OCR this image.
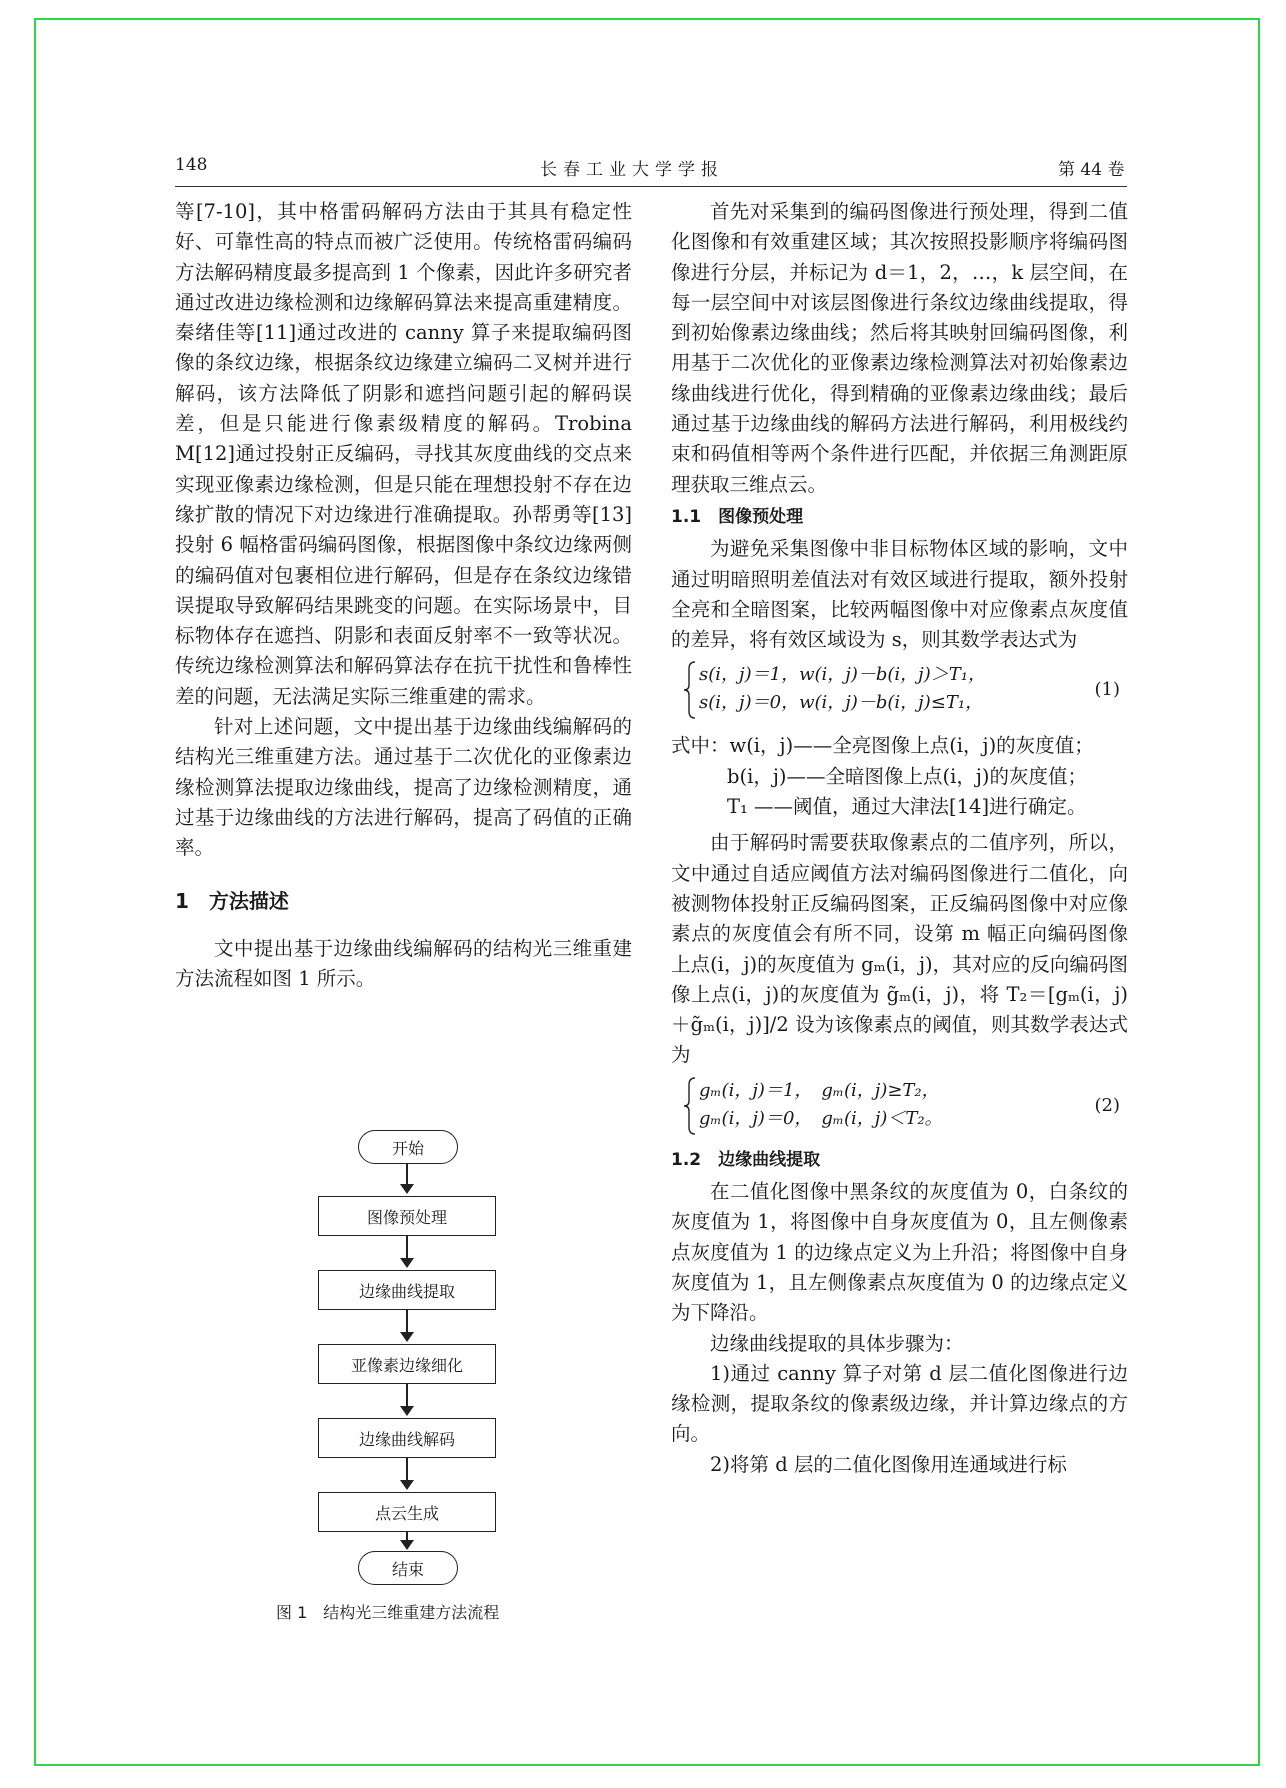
148	长春工业大学学报	第 44 卷

等[7-10]，其中格雷码解码方法由于其具有稳定性好、可靠性高的特点而被广泛使用。传统格雷码编码方法解码精度最多提高到 1 个像素，因此许多研究者通过改进边缘检测和边缘解码算法来提高重建精度。秦绪佳等[11]通过改进的 canny 算子来提取编码图像的条纹边缘，根据条纹边缘建立编码二叉树并进行解码，该方法降低了阴影和遮挡问题引起的解码误差，但是只能进行像素级精度的解码。Trobina M[12]通过投射正反编码，寻找其灰度曲线的交点来实现亚像素边缘检测，但是只能在理想投射不存在边缘扩散的情况下对边缘进行准确提取。孙帮勇等[13]投射 6 幅格雷码编码图像，根据图像中条纹边缘两侧的编码值对包裹相位进行解码，但是存在条纹边缘错误提取导致解码结果跳变的问题。在实际场景中，目标物体存在遮挡、阴影和表面反射率不一致等状况。传统边缘检测算法和解码算法存在抗干扰性和鲁棒性差的问题，无法满足实际三维重建的需求。

针对上述问题，文中提出基于边缘曲线编解码的结构光三维重建方法。通过基于二次优化的亚像素边缘检测算法提取边缘曲线，提高了边缘检测精度，通过基于边缘曲线的方法进行解码，提高了码值的正确率。

1　方法描述

文中提出基于边缘曲线编解码的结构光三维重建方法流程如图 1 所示。

开始
图像预处理
边缘曲线提取
亚像素边缘细化
边缘曲线解码
点云生成
结束
图 1　结构光三维重建方法流程

首先对采集到的编码图像进行预处理，得到二值化图像和有效重建区域；其次按照投影顺序将编码图像进行分层，并标记为 d＝1，2，…，k 层空间，在每一层空间中对该层图像进行条纹边缘曲线提取，得到初始像素边缘曲线；然后将其映射回编码图像，利用基于二次优化的亚像素边缘检测算法对初始像素边缘曲线进行优化，得到精确的亚像素边缘曲线；最后通过基于边缘曲线的解码方法进行解码，利用极线约束和码值相等两个条件进行匹配，并依据三角测距原理获取三维点云。

1.1　图像预处理

为避免采集图像中非目标物体区域的影响，文中通过明暗照明差值法对有效区域进行提取，额外投射全亮和全暗图案，比较两幅图像中对应像素点灰度值的差异，将有效区域设为 s，则其数学表达式为

s(i，j)＝1，w(i，j)－b(i，j)＞T₁，
s(i，j)＝0，w(i，j)－b(i，j)≤T₁，
(1)
式中：w(i，j)——全亮图像上点(i，j)的灰度值；
b(i，j)——全暗图像上点(i，j)的灰度值；
T₁ ——阈值，通过大津法[14]进行确定。

由于解码时需要获取像素点的二值序列，所以，文中通过自适应阈值方法对编码图像进行二值化，向被测物体投射正反编码图案，正反编码图像中对应像素点的灰度值会有所不同，设第 m 幅正向编码图像上点(i，j)的灰度值为 gₘ(i，j)，其对应的反向编码图像上点(i，j)的灰度值为 g̃ₘ(i，j)，将 T₂＝[gₘ(i，j)＋g̃ₘ(i，j)]/2 设为该像素点的阈值，则其数学表达式为

gₘ(i，j)＝1，　gₘ(i，j)≥T₂，
gₘ(i，j)＝0，　gₘ(i，j)＜T₂。
(2)
1.2　边缘曲线提取

在二值化图像中黑条纹的灰度值为 0，白条纹的灰度值为 1，将图像中自身灰度值为 0，且左侧像素点灰度值为 1 的边缘点定义为上升沿；将图像中自身灰度值为 1，且左侧像素点灰度值为 0 的边缘点定义为下降沿。

边缘曲线提取的具体步骤为：

1)通过 canny 算子对第 d 层二值化图像进行边缘检测，提取条纹的像素级边缘，并计算边缘点的方向。

2)将第 d 层的二值化图像用连通域进行标
